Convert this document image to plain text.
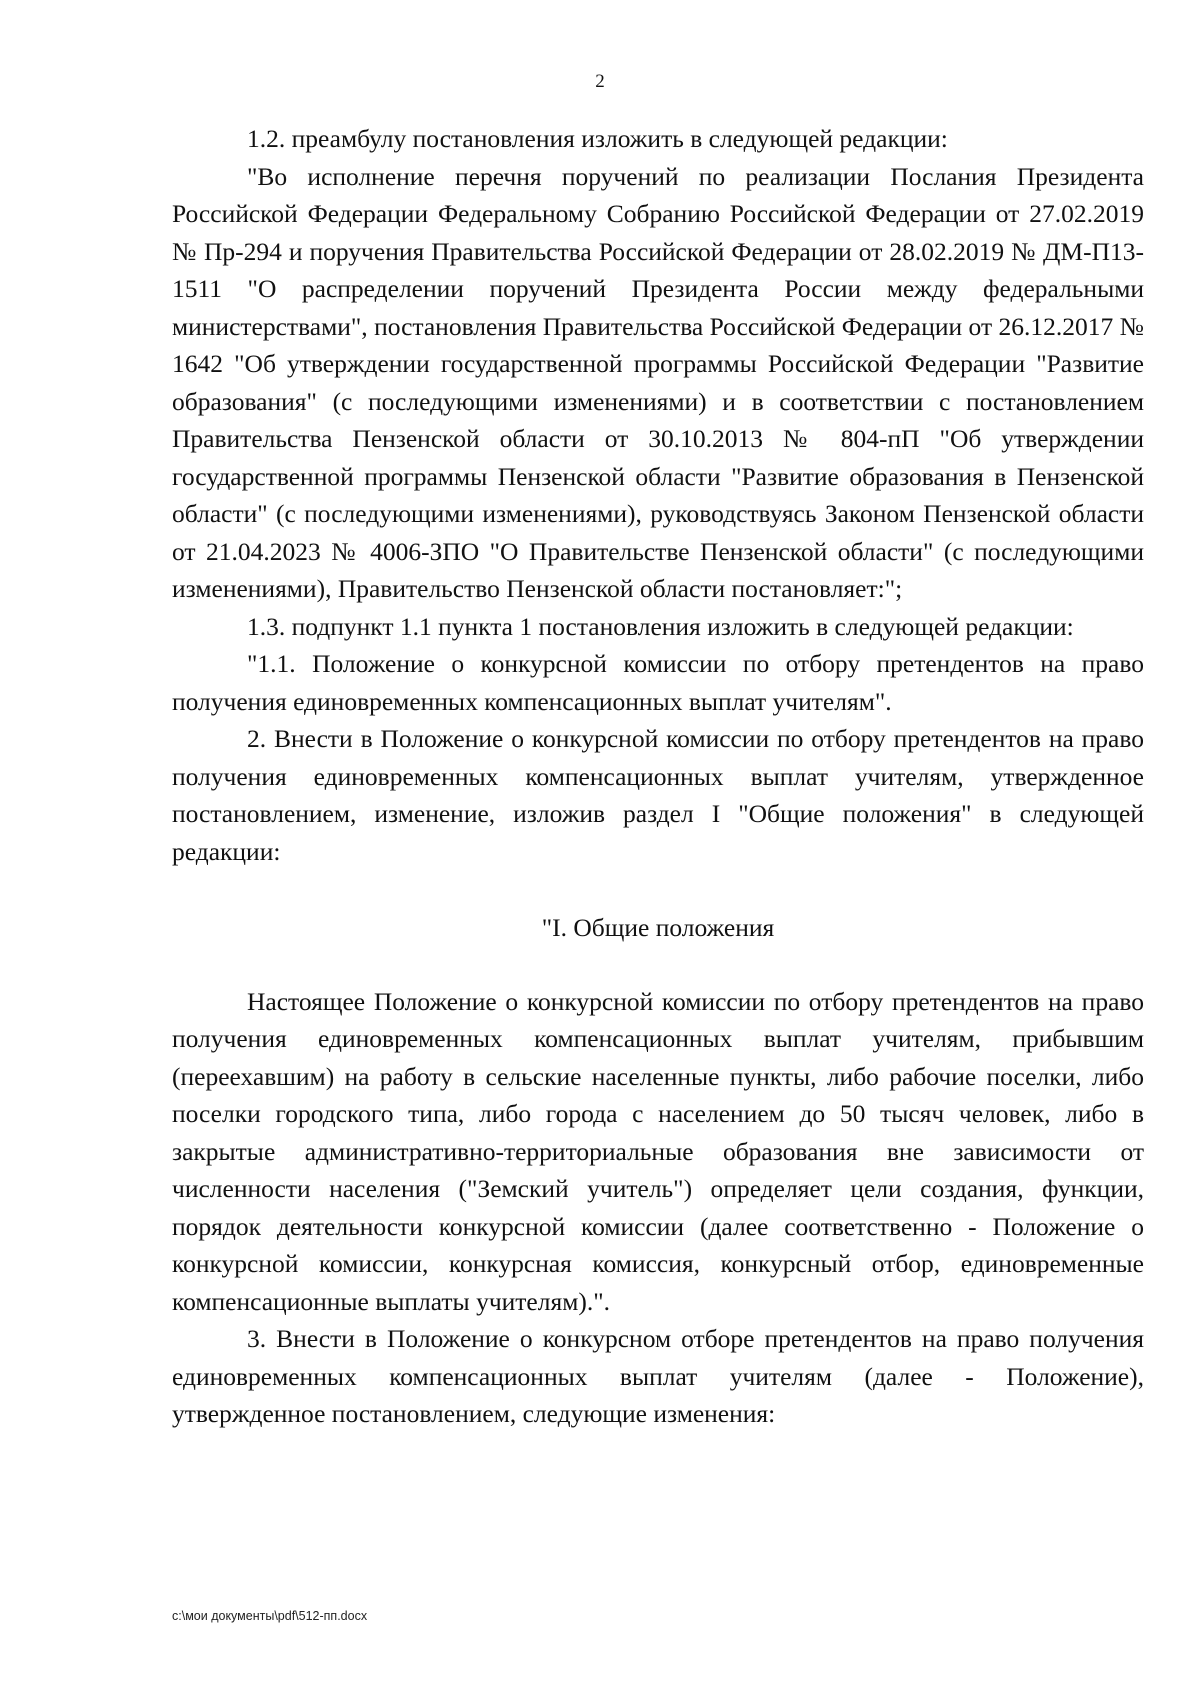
2

1.2. преамбулу постановления изложить в следующей редакции:

"Во исполнение перечня поручений по реализации Послания Президента Российской Федерации Федеральному Собранию Российской Федерации от 27.02.2019 № Пр-294 и поручения Правительства Российской Федерации от 28.02.2019 № ДМ-П13-1511 "О распределении поручений Президента России между федеральными министерствами", постановления Правительства Российской Федерации от 26.12.2017 № 1642 "Об утверждении государственной программы Российской Федерации "Развитие образования" (с последующими изменениями) и в соответствии с постановлением Правительства Пензенской области от 30.10.2013 № 804-пП "Об утверждении государственной программы Пензенской области "Развитие образования в Пензенской области" (с последующими изменениями), руководствуясь Законом Пензенской области от 21.04.2023 № 4006-ЗПО "О Правительстве Пензенской области" (с последующими изменениями), Правительство Пензенской области постановляет:";

1.3. подпункт 1.1 пункта 1 постановления изложить в следующей редакции:

"1.1. Положение о конкурсной комиссии по отбору претендентов на право получения единовременных компенсационных выплат учителям".

2. Внести в Положение о конкурсной комиссии по отбору претендентов на право получения единовременных компенсационных выплат учителям, утвержденное постановлением, изменение, изложив раздел I "Общие положения" в следующей редакции:

"I. Общие положения

Настоящее Положение о конкурсной комиссии по отбору претендентов на право получения единовременных компенсационных выплат учителям, прибывшим (переехавшим) на работу в сельские населенные пункты, либо рабочие поселки, либо поселки городского типа, либо города с населением до 50 тысяч человек, либо в закрытые административно-территориальные образования вне зависимости от численности населения ("Земский учитель") определяет цели создания, функции, порядок деятельности конкурсной комиссии (далее соответственно - Положение о конкурсной комиссии, конкурсная комиссия, конкурсный отбор, единовременные компенсационные выплаты учителям).".

3. Внести в Положение о конкурсном отборе претендентов на право получения единовременных компенсационных выплат учителям (далее - Положение), утвержденное постановлением, следующие изменения:

c:\мои документы\pdf\512-пп.docx
